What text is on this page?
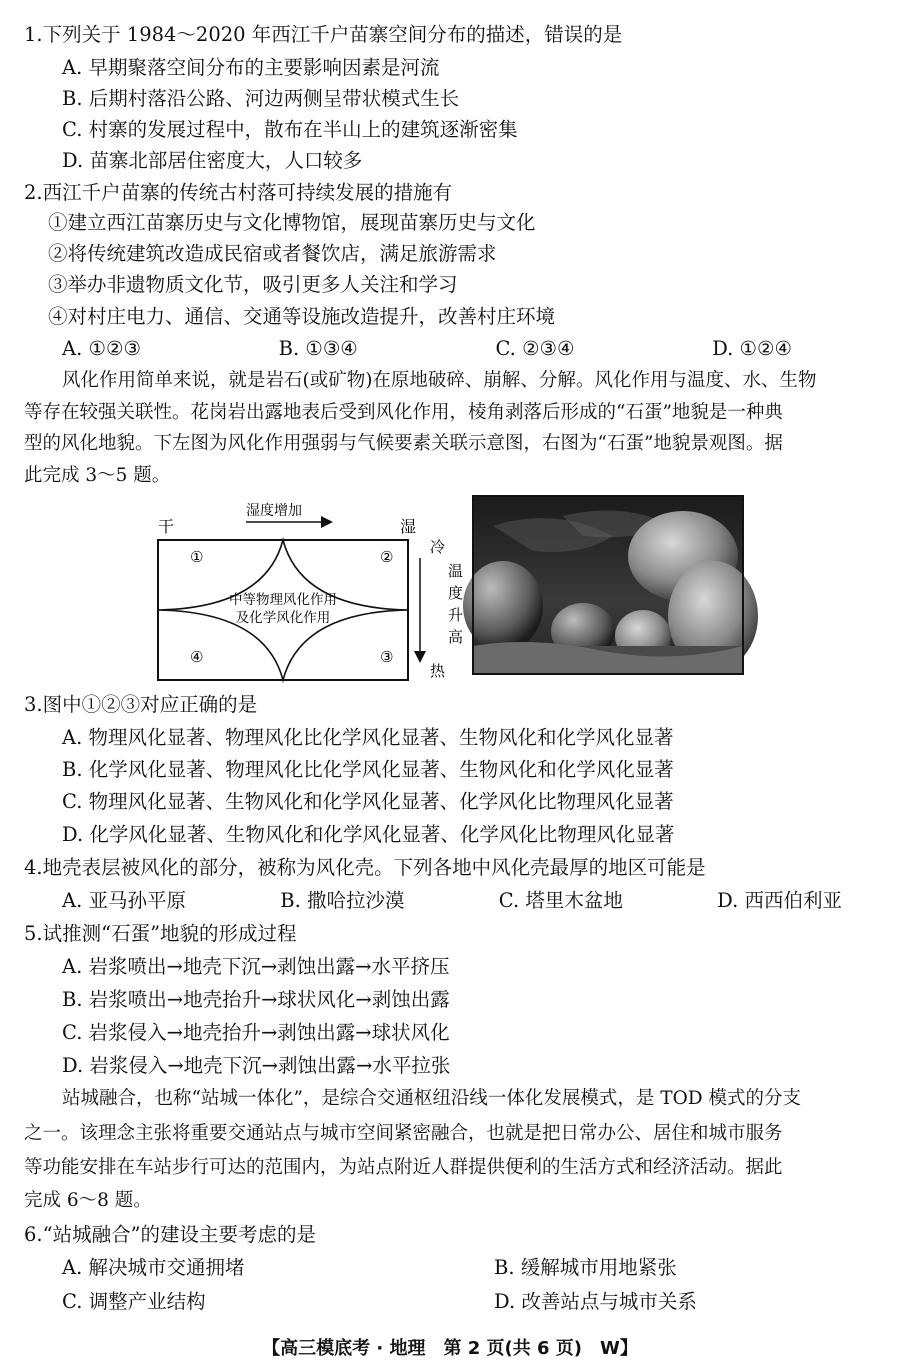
1.下列关于 1984～2020 年西江千户苗寨空间分布的描述，错误的是
A. 早期聚落空间分布的主要影响因素是河流
B. 后期村落沿公路、河边两侧呈带状模式生长
C. 村寨的发展过程中，散布在半山上的建筑逐渐密集
D. 苗寨北部居住密度大，人口较多
2.西江千户苗寨的传统古村落可持续发展的措施有
①建立西江苗寨历史与文化博物馆，展现苗寨历史与文化
②将传统建筑改造成民宿或者餐饮店，满足旅游需求
③举办非遗物质文化节，吸引更多人关注和学习
④对村庄电力、通信、交通等设施改造提升，改善村庄环境
A. ①②③	B. ①③④	C. ②③④	D. ①②④
风化作用简单来说，就是岩石(或矿物)在原地破碎、崩解、分解。风化作用与温度、水、生物
等存在较强关联性。花岗岩出露地表后受到风化作用，棱角剥落后形成的“石蛋”地貌是一种典
型的风化地貌。下左图为风化作用强弱与气候要素关联示意图，右图为“石蛋”地貌景观图。据
此完成 3～5 题。
干	湿
湿度增加
中等物理风化作用
及化学风化作用
①	②
③
④
冷
温
度
升
高
热
3.图中①②③对应正确的是
A. 物理风化显著、物理风化比化学风化显著、生物风化和化学风化显著
B. 化学风化显著、物理风化比化学风化显著、生物风化和化学风化显著
C. 物理风化显著、生物风化和化学风化显著、化学风化比物理风化显著
D. 化学风化显著、生物风化和化学风化显著、化学风化比物理风化显著
4.地壳表层被风化的部分，被称为风化壳。下列各地中风化壳最厚的地区可能是
A. 亚马孙平原	B. 撒哈拉沙漠	C. 塔里木盆地	D. 西西伯利亚
5.试推测“石蛋”地貌的形成过程
A. 岩浆喷出→地壳下沉→剥蚀出露→水平挤压
B. 岩浆喷出→地壳抬升→球状风化→剥蚀出露
C. 岩浆侵入→地壳抬升→剥蚀出露→球状风化
D. 岩浆侵入→地壳下沉→剥蚀出露→水平拉张
站城融合，也称“站城一体化”，是综合交通枢纽沿线一体化发展模式，是 TOD 模式的分支
之一。该理念主张将重要交通站点与城市空间紧密融合，也就是把日常办公、居住和城市服务
等功能安排在车站步行可达的范围内，为站点附近人群提供便利的生活方式和经济活动。据此
完成 6～8 题。
6.“站城融合”的建设主要考虑的是
A. 解决城市交通拥堵	B. 缓解城市用地紧张
C. 调整产业结构	D. 改善站点与城市关系
【高三模底考 · 地理　第 2 页(共 6 页)　W】
